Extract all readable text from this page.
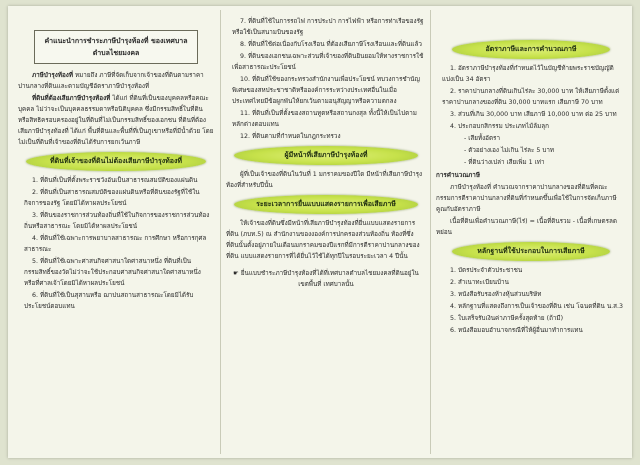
คำแนะนำการชำระภาษีบำรุงท้องที่ ของเทศบาลตำบลไชยมงคล

ภาษีบำรุงท้องที่ หมายถึง ภาษีที่จัดเก็บจากเจ้าของที่ดินตามราคาปานกลางที่ดินและตามบัญชีอัตราภาษีบำรุงท้องที่

ที่ดินที่ต้องเสียภาษีบำรุงท้องที่ ได้แก่ ที่ดินที่เป็นของบุคคลหรือคณะบุคคล ไม่ว่าจะเป็นบุคคลธรรมดาหรือนิติบุคคล ซึ่งมีกรรมสิทธิ์ในที่ดิน หรือสิทธิครอบครองอยู่ในที่ดินที่ไม่เป็นกรรมสิทธิ์ของเอกชน ที่ดินที่ต้องเสียภาษีบำรุงท้องที่ ได้แก่ พื้นที่ดินและพื้นที่ที่เป็นภูเขาหรือที่มีน้ำด้วย โดยไม่เป็นที่ดินที่เจ้าของที่ดินได้รับการยกเว้นภาษี

ที่ดินที่เจ้าของที่ดินไม่ต้องเสียภาษีบำรุงท้องที่

1. ที่ดินที่เป็นที่ตั้งพระราชวังอันเป็นสาธารณสมบัติของแผ่นดิน

2. ที่ดินที่เป็นสาธารณสมบัติของแผ่นดินหรือที่ดินของรัฐที่ใช้ในกิจการของรัฐ โดยมิได้หาผลประโยชน์

3. ที่ดินของราชการส่วนท้องถิ่นที่ใช้ในกิจการของราชการส่วนท้องถิ่นหรือสาธารณะ โดยมิได้หาผลประโยชน์

4. ที่ดินที่ใช้เฉพาะการพยาบาลสาธารณะ การศึกษา หรือการกุศลสาธารณะ

5. ที่ดินที่ใช้เฉพาะศาสนกิจศาสนาใดศาสนาหนึ่ง ที่ดินที่เป็นกรรมสิทธิ์ของวัดไม่ว่าจะใช้ประกอบศาสนกิจศาสนาใดศาสนาหนึ่ง หรือที่ศาลเจ้าโดยมิได้หาผลประโยชน์

6. ที่ดินที่ใช้เป็นสุสานหรือ ฌาปนสถานสาธารณะโดยมิได้รับประโยชน์ตอบแทน

7. ที่ดินที่ใช้ในการรถไฟ การประปา การไฟฟ้า หรือการท่าเรือของรัฐ หรือใช้เป็นสนามบินของรัฐ

8. ที่ดินที่ใช้ต่อเนื่องกับโรงเรือน ที่ต้องเสียภาษีโรงเรือนและที่ดินแล้ว

9. ที่ดินของเอกชนเฉพาะส่วนที่เจ้าของที่ดินยินยอมให้ทางราชการใช้เพื่อสาธารณะประโยชน์

10. ที่ดินที่ใช้ของกระทรวงสำนักงานเพื่อประโยชน์ ทบวงการชำนัญพิเศษของสหประชาชาติหรือองค์การระหว่างประเทศอื่นในเมื่อประเทศไทยมีข้อผูกพันให้ยกเว้นตามอนุสัญญาหรือความตกลง

11. ที่ดินที่เป็นที่ตั้งของสถานทูตหรือสถานกงสุล ทั้งนี้ให้เป็นไปตามหลักต่างตอบแทน

12. ที่ดินตามที่กำหนดในกฎกระทรวง

ผู้มีหน้าที่เสียภาษีบำรุงท้องที่

ผู้ที่เป็นเจ้าของที่ดินในวันที่ 1 มกราคมของปีใด มีหน้าที่เสียภาษีบำรุงท้องที่สำหรับปีนั้น

ระยะเวลาการยื่นแบบแสดงรายการเพื่อเสียภาษี

ให้เจ้าของที่ดินซึ่งมีหน้าที่เสียภาษีบำรุงท้องที่ยื่นแบบแสดงรายการที่ดิน (ภบท.5) ณ สำนักงานของงองค์การปกครองส่วนท้องถิ่น ท้องที่ซึ่งที่ดินนั้นตั้งอยู่ภายในเดือนมกราคมของปีแรกที่มีการตีราคาปานกลางของที่ดิน แบบแสดงรายการที่ได้ยื่นไว้ใช้ได้ทุกปีในรอบระยะเวลา 4 ปีนั้น

☛ ยื่นแบบชำระภาษีบำรุงท้องที่ได้ที่เทศบาลตำบลไชยมงคลที่ดินอยู่ในเขตพื้นที่ เทศบาลนั้น

อัตราภาษีและการคำนวณภาษี

1. อัตราภาษีบำรุงท้องที่กำหนดไว้ในบัญชีท้ายพระราชบัญญัติ แบ่งเป็น 34 อัตรา

2. ราคาปานกลางที่ดินเกินไร่ละ 30,000 บาท ให้เสียภาษีตั้งแต่ ราคาปานกลางของที่ดิน 30,000 บาทแรก เสียภาษี 70 บาท

3. ส่วนที่เกิน 30,000 บาท เสียภาษี 10,000 บาท ต่อ 25 บาท

4. ประกอบกสิกรรม ประเภทไม้ล้มลุก

- เสียทั้งอัตรา

- ตัวอย่างเอง ไม่เกิน ไร่ละ 5 บาท

- ที่ดินว่างเปล่า เสียเพิ่ม 1 เท่า

การคำนวณภาษี

ภาษีบำรุงท้องที่ คำนวณจากราคาปานกลางของที่ดินที่คณะกรรมการตีราคาปานกลางที่ดินที่กำหนดขึ้นเพื่อใช้ในการจัดเก็บภาษีคูณกับอัตราภาษี

เนื้อที่ดินเพื่อคำนวณภาษี(ไร่) = เนื้อที่ดินรวม - เนื้อที่เกษตรลดหย่อน

หลักฐานที่ใช้ประกอบในการเสียภาษี

1. บัตรประจำตัวประชาชน

2. สำเนาทะเบียนบ้าน

3. หนังสือรับรองห้างหุ้นส่วนบริษัท

4. หลักฐานที่แสดงถึงการเป็นเจ้าของที่ดิน เช่น โฉนดที่ดิน น.ส.3

5. ใบเสร็จรับเงินค่าภาษีครั้งสุดท้าย (ถ้ามี)

6. หนังสือมอบอำนาจกรณีที่ให้ผู้อื่นมาทำการแทน
